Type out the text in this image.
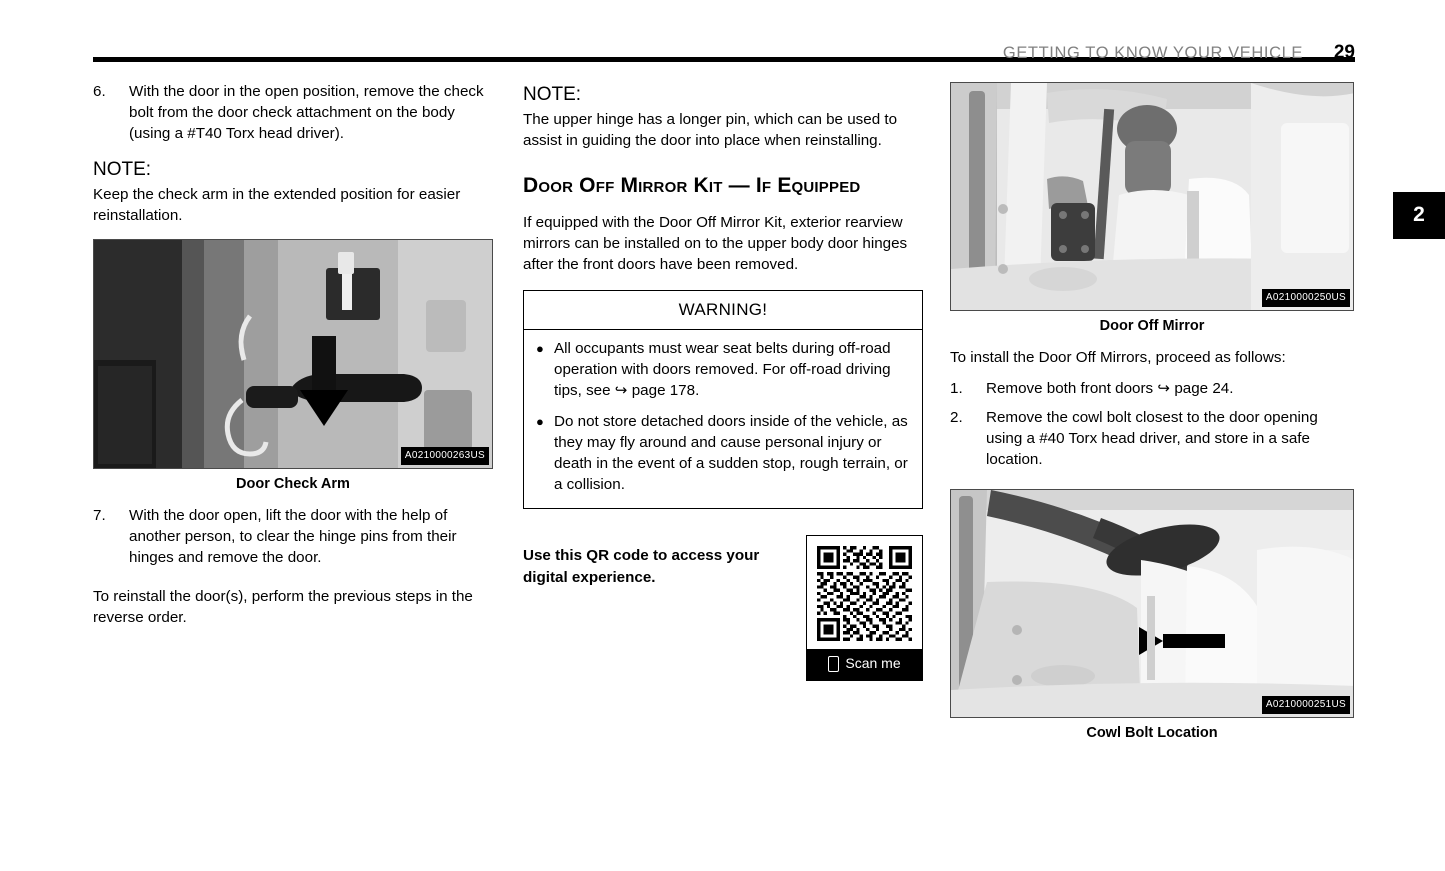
GETTING TO KNOW YOUR VEHICLE 29
2
6.	With the door in the open position, remove the check bolt from the door check attachment on the body (using a #T40 Torx head driver).
NOTE:

Keep the check arm in the extended position for easier reinstallation.

A0210000263US
Door Check Arm
7.	With the door open, lift the door with the help of another person, to clear the hinge pins from their hinges and remove the door.

To reinstall the door(s), perform the previous steps in the reverse order.

NOTE:

The upper hinge has a longer pin, which can be used to assist in guiding the door into place when reinstalling.

Door Off Mirror Kit — If Equipped

If equipped with the Door Off Mirror Kit, exterior rearview mirrors can be installed on to the upper body door hinges after the front doors have been removed.

WARNING!
● All occupants must wear seat belts during off-road operation with doors removed. For off-road driving tips, see ↪ page 178.
● Do not store detached doors inside of the vehicle, as they may fly around and cause personal injury or death in the event of a sudden stop, rough terrain, or a collision.
Use this QR code to access your digital experience.
Scan me
A0210000250US
Door Off Mirror

To install the Door Off Mirrors, proceed as follows:

1.	Remove both front doors ↪ page 24.
2.	Remove the cowl bolt closest to the door opening using a #40 Torx head driver, and store in a safe location.
A0210000251US
Cowl Bolt Location
